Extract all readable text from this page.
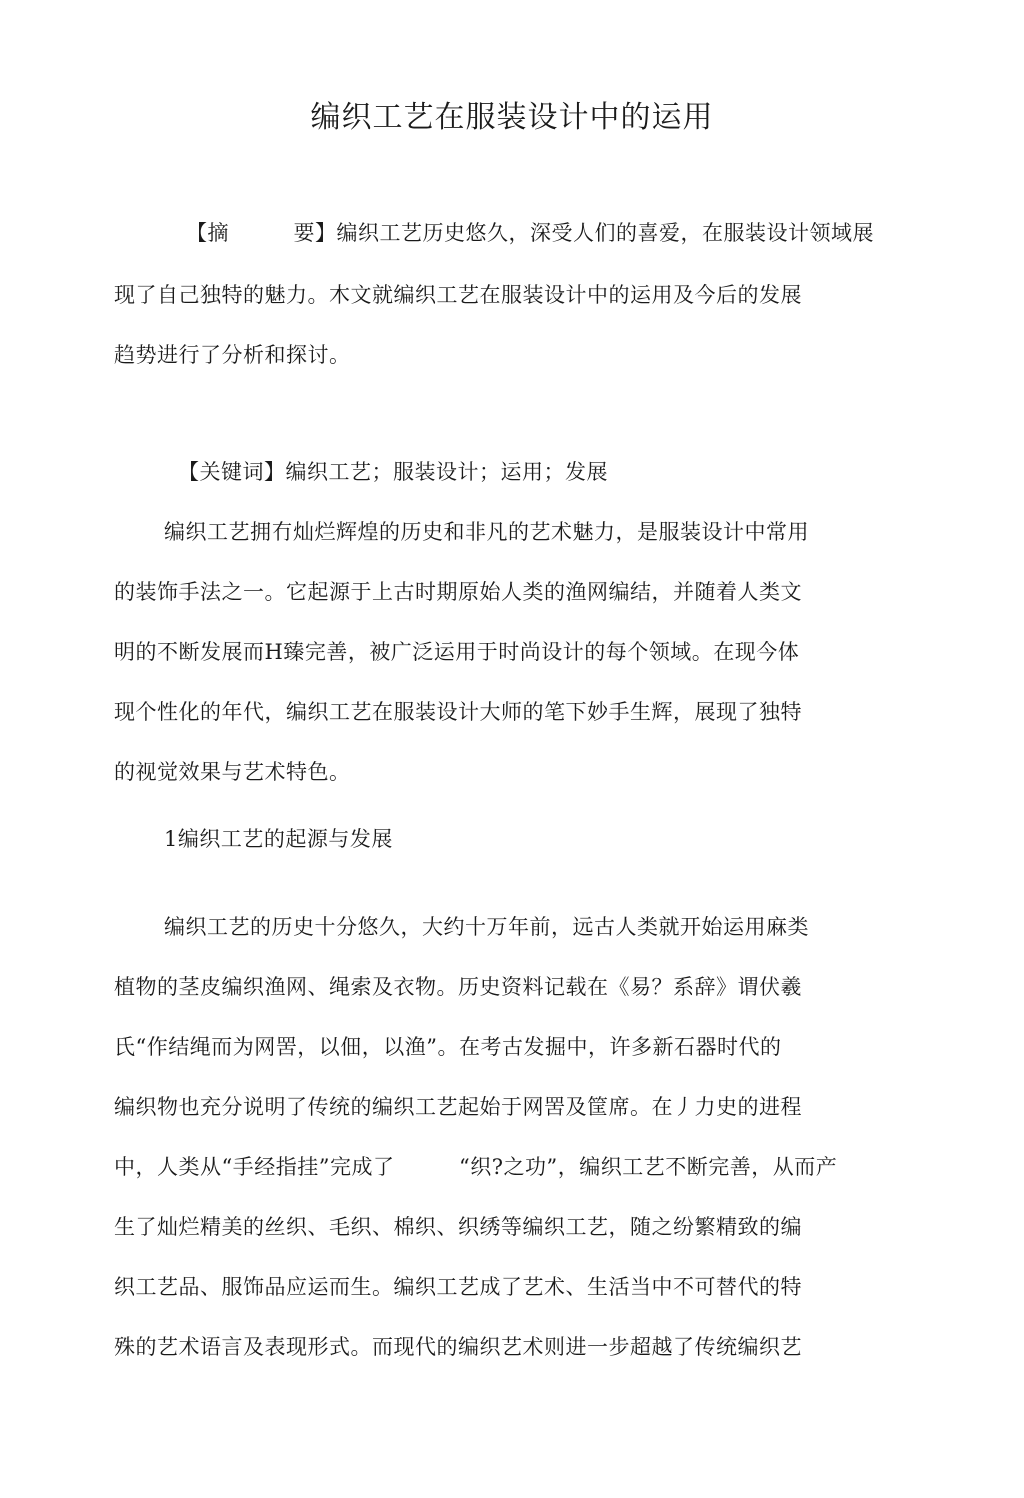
编织工艺在服装设计中的运用
【摘　　　要】编织工艺历史悠久，深受人们的喜爱，在服装设计领域展
现了自己独特的魅力。木文就编织工艺在服装设计中的运用及今后的发展
趋势进行了分析和探讨。
【关键词】编织工艺；服装设计；运用；发展
编织工艺拥冇灿烂辉煌的历史和非凡的艺术魅力，是服装设计中常用
的装饰手法之一。它起源于上古时期原始人类的渔网编结，并随着人类文
明的不断发展而H臻完善，被广泛运用于时尚设计的每个领域。在现今体
现个性化的年代，编织工艺在服装设计大师的笔下妙手生辉，展现了独特
的视觉效果与艺术特色。
1编织工艺的起源与发展
编织工艺的历史十分悠久，大约十万年前，远古人类就开始运用麻类
植物的茎皮编织渔网、绳索及衣物。历史资料记载在《易？系辞》谓伏羲
氏“作结绳而为网罟，以佃，以渔”。在考古发掘中，许多新石器时代的
编织物也充分说明了传统的编织工艺起始于网罟及筐席。在丿力史的进程
中，人类从“手经指挂”完成了　　　“织?之功”，编织工艺不断完善，从而产
生了灿烂精美的丝织、毛织、棉织、织绣等编织工艺，随之纷繁精致的编
织工艺品、服饰品应运而生。编织工艺成了艺术、生活当中不可替代的特
殊的艺术语言及表现形式。而现代的编织艺术则进一步超越了传统编织艺
